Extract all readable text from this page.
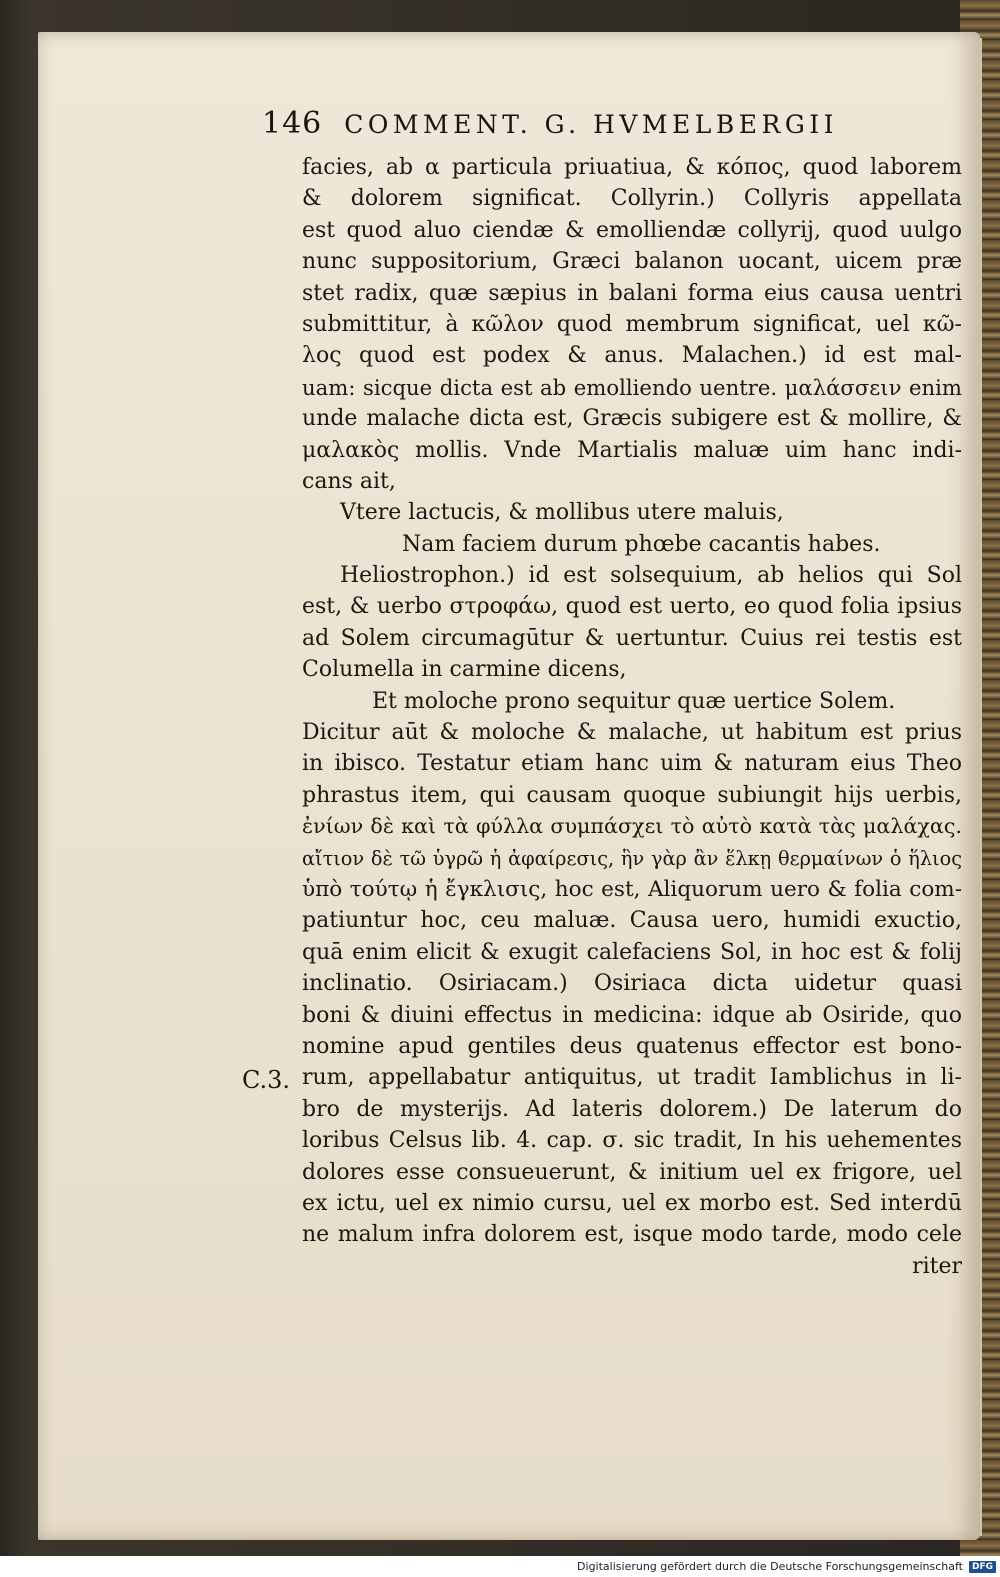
146 COMMENT. G. HVMELBERGII
C.3.
facies, ab α particula priuatiua, & κόπος, quod laborem
& dolorem significat. Collyrin.) Collyris appellata
est quod aluo ciendæ & emolliendæ collyrij, quod uulgo
nunc suppositorium, Græci balanon uocant, uicem præ
stet radix, quæ sæpius in balani forma eius causa uentri
submittitur, à κῶλον quod membrum significat, uel κῶ-
λος quod est podex & anus. Malachen.) id est mal-
uam: sicque dicta est ab emolliendo uentre. μαλάσσειν enim
unde malache dicta est, Græcis subigere est & mollire, &
μαλακὸς mollis. Vnde Martialis maluæ uim hanc indi-
cans ait,
Vtere lactucis, & mollibus utere maluis,
Nam faciem durum phœbe cacantis habes.
Heliostrophon.) id est solsequium, ab helios qui Sol
est, & uerbo στροφάω, quod est uerto, eo quod folia ipsius
ad Solem circumagūtur & uertuntur. Cuius rei testis est
Columella in carmine dicens,
Et moloche prono sequitur quæ uertice Solem.
Dicitur aūt & moloche & malache, ut habitum est prius
in ibisco. Testatur etiam hanc uim & naturam eius Theo
phrastus item, qui causam quoque subiungit hijs uerbis,
ἐνίων δὲ καὶ τὰ φύλλα συμπάσχει τὸ αὐτὸ κατὰ τὰς μαλάχας.
αἴτιον δὲ τῶ ὑγρῶ ἡ ἀφαίρεσις, ἣν γὰρ ἂν ἕλκῃ θερμαίνων ὁ ἥλιος
ὑπὸ τούτῳ ἡ ἔγκλισις, hoc est, Aliquorum uero & folia com-
patiuntur hoc, ceu maluæ. Causa uero, humidi exuctio,
quā enim elicit & exugit calefaciens Sol, in hoc est & folij
inclinatio. Osiriacam.) Osiriaca dicta uidetur quasi
boni & diuini effectus in medicina: idque ab Osiride, quo
nomine apud gentiles deus quatenus effector est bono-
rum, appellabatur antiquitus, ut tradit Iamblichus in li-
bro de mysterijs. Ad lateris dolorem.) De laterum do
loribus Celsus lib. 4. cap. σ. sic tradit, In his uehementes
dolores esse consueuerunt, & initium uel ex frigore, uel
ex ictu, uel ex nimio cursu, uel ex morbo est. Sed interdū
ne malum infra dolorem est, isque modo tarde, modo cele
riter
Digitalisierung gefördert durch die Deutsche Forschungsgemeinschaft	DFG
